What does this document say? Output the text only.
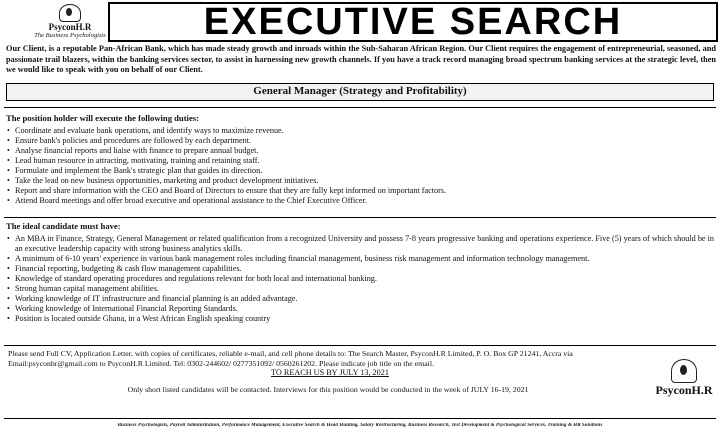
PsyconH.R
The Business Psychologists	EXECUTIVE SEARCH
Our Client, is a reputable Pan-African Bank, which has made steady growth and inroads within the Sub-Saharan African Region. Our Client requires the engagement of entrepreneurial, seasoned, and passionate trail blazers, within the banking services sector, to assist in harnessing new growth channels. If you have a track record managing broad spectrum banking services at the strategic level, then we would like to speak with you on behalf of our Client.
General Manager (Strategy and Profitability)
The position holder will execute the following duties:
• Coordinate and evaluate bank operations, and identify ways to maximize revenue.
• Ensure bank's policies and procedures are followed by each department.
• Analyse financial reports and liaise with finance to prepare annual budget.
• Lead human resource in attracting, motivating, training and retaining staff.
• Formulate and implement the Bank's strategic plan that guides its direction.
• Take the lead on new business opportunities, marketing and product development initiatives.
• Report and share information with the CEO and Board of Directors to ensure that they are fully kept informed on important factors.
• Attend Board meetings and offer broad executive and operational assistance to the Chief Executive Officer.
The ideal candidate must have:
• An MBA in Finance, Strategy, General Management or related qualification from a recognized University and possess 7-8 years progressive banking and operations experience. Five (5) years of which should be in an executive leadership capacity with strong business analytics skills.
• A minimum of 6-10 years' experience in various bank management roles including financial management, business risk management and information technology management.
• Financial reporting, budgeting & cash flow management capabilities.
• Knowledge of standard operating procedures and regulations relevant for both local and international banking.
• Strong human capital management abilities.
• Working knowledge of IT infrastructure and financial planning is an added advantage.
• Working knowledge of International Financial Reporting Standards.
• Position is located outside Ghana, in a West African English speaking country
Please send Full CV, Application Letter, with copies of certificates, reliable e-mail, and cell phone details to: The Search Master, PsyconH.R Limited, P. O. Box GP 21241, Accra via Email:psyconhr@gmail.com to PsyconH.R Limited. Tel: 0302-244602/ 0277351092/ 0560261202. Please indicate job title on the email.
TO REACH US BY JULY 13, 2021
Only short listed candidates will be contacted. Interviews for this position would be conducted in the week of JULY 16-19, 2021	PsyconH.R
Business Psychologists, Payroll Administration, Performance Management, Executive Search & Head Hunting, Salary Restructuring, Business Research, Test Development & Psychological Services, Training & HR Solutions
